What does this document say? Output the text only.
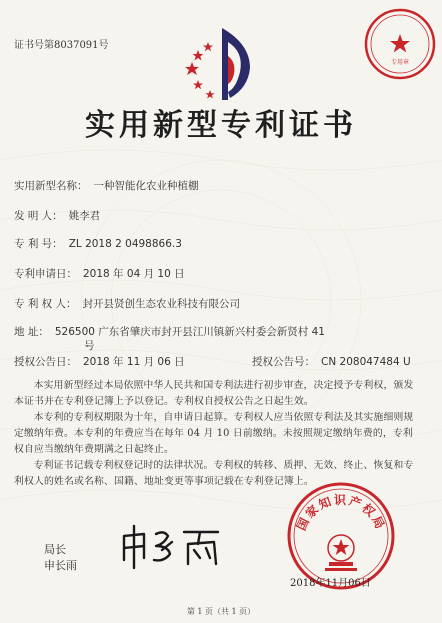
证书号第8037091号
专用章
实用新型专利证书
实用新型名称： 一种智能化农业种植棚
发 明 人： 姚李君
专 利 号： ZL 2018 2 0498866.3
专利申请日： 2018 年 04 月 10 日
专 利 权 人： 封开县贤创生态农业科技有限公司
地 址： 526500 广东省肇庆市封开县江川镇新兴村委会新贤村 41
号
授权公告日： 2018 年 11 月 06 日	授权公告号： CN 208047484 U

本实用新型经过本局依照中华人民共和国专利法进行初步审查，决定授予专利权，颁发本证书并在专利登记簿上予以登记。专利权自授权公告之日起生效。

本专利的专利权期限为十年，自申请日起算。专利权人应当依照专利法及其实施细则规定缴纳年费。本专利的年费应当在每年 04 月 10 日前缴纳。未按照规定缴纳年费的，专利权自应当缴纳年费期满之日起终止。

专利证书记载专利权登记时的法律状况。专利权的转移、质押、无效、终止、恢复和专利权人的姓名或名称、国籍、地址变更等事项记载在专利登记簿上。

局长
申长雨
国家知识产权局
2018年11月06日
第 1 页（共 1 页）
